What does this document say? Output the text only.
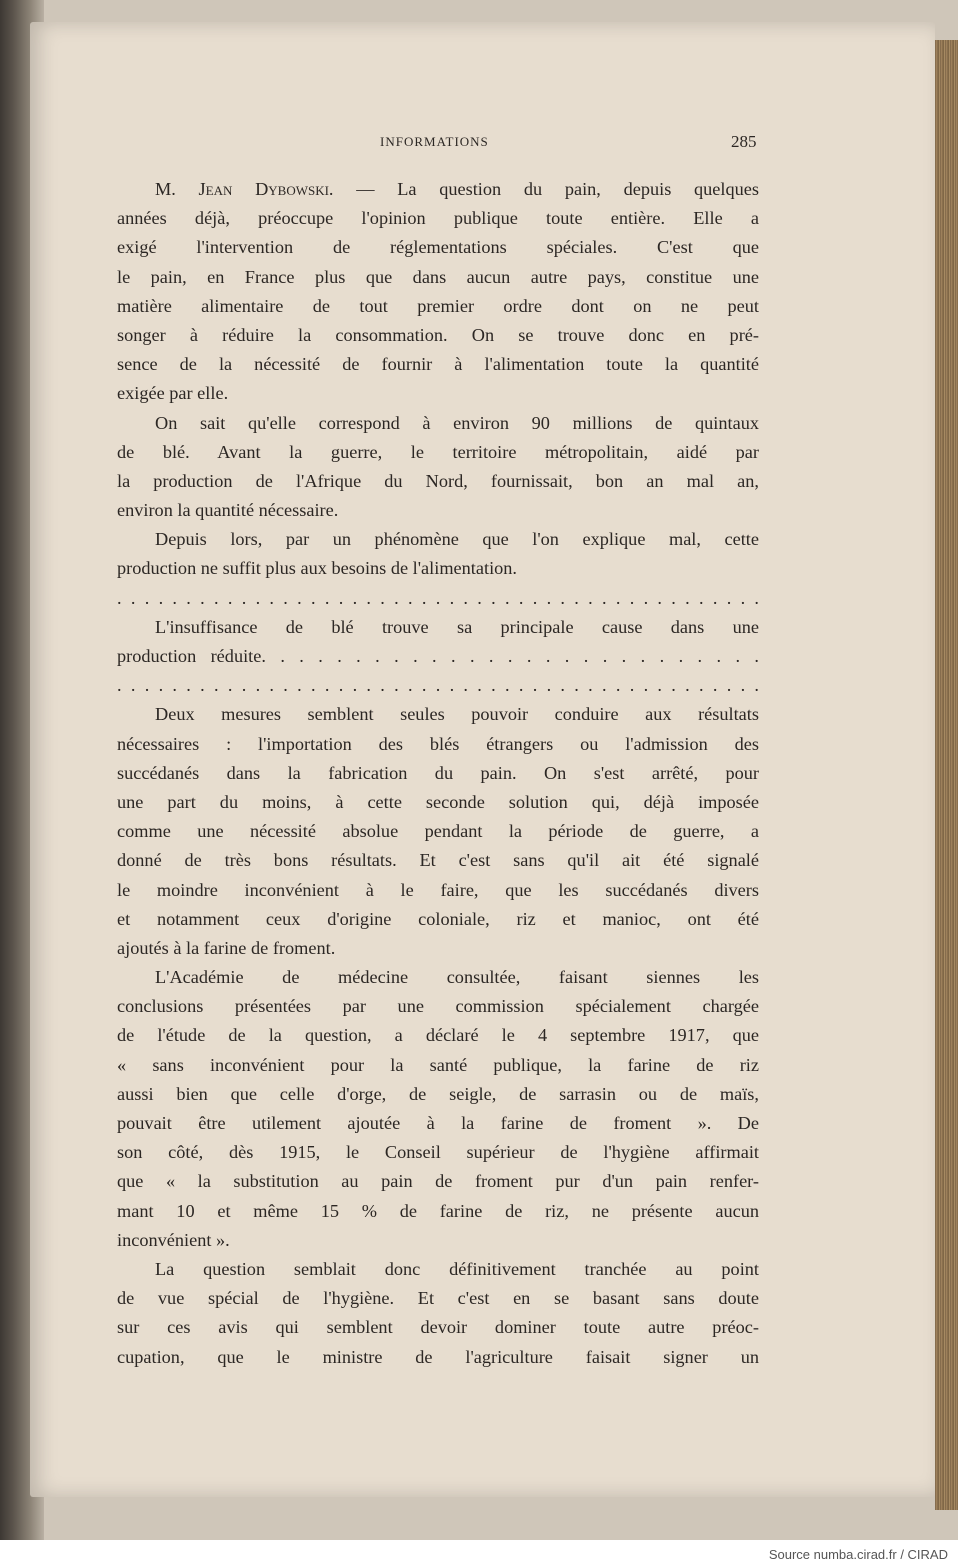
INFORMATIONS	285
M. Jean Dybowski. — La question du pain, depuis quelques
années déjà, préoccupe l'opinion publique toute entière. Elle a
exigé l'intervention de réglementations spéciales. C'est que
le pain, en France plus que dans aucun autre pays, constitue une
matière alimentaire de tout premier ordre dont on ne peut
songer à réduire la consommation. On se trouve donc en pré-
sence de la nécessité de fournir à l'alimentation toute la quantité
exigée par elle.
On sait qu'elle correspond à environ 90 millions de quintaux
de blé. Avant la guerre, le territoire métropolitain, aidé par
la production de l'Afrique du Nord, fournissait, bon an mal an,
environ la quantité nécessaire.
Depuis lors, par un phénomène que l'on explique mal, cette
production ne suffit plus aux besoins de l'alimentation.
. . . . . . . . . . . . . . . . . . . . . . . . . . . . . . . . . . . . . . . . . . . . . . .
L'insuffisance de blé trouve sa principale cause dans une
production réduite. . . . . . . . . . . . . . . . . . . . . . . . . . .
. . . . . . . . . . . . . . . . . . . . . . . . . . . . . . . . . . . . . . . . . . . . . . .
Deux mesures semblent seules pouvoir conduire aux résultats
nécessaires : l'importation des blés étrangers ou l'admission des
succédanés dans la fabrication du pain. On s'est arrêté, pour
une part du moins, à cette seconde solution qui, déjà imposée
comme une nécessité absolue pendant la période de guerre, a
donné de très bons résultats. Et c'est sans qu'il ait été signalé
le moindre inconvénient à le faire, que les succédanés divers
et notamment ceux d'origine coloniale, riz et manioc, ont été
ajoutés à la farine de froment.
L'Académie de médecine consultée, faisant siennes les
conclusions présentées par une commission spécialement chargée
de l'étude de la question, a déclaré le 4 septembre 1917, que
« sans inconvénient pour la santé publique, la farine de riz
aussi bien que celle d'orge, de seigle, de sarrasin ou de maïs,
pouvait être utilement ajoutée à la farine de froment ». De
son côté, dès 1915, le Conseil supérieur de l'hygiène affirmait
que « la substitution au pain de froment pur d'un pain renfer-
mant 10 et même 15 % de farine de riz, ne présente aucun
inconvénient ».
La question semblait donc définitivement tranchée au point
de vue spécial de l'hygiène. Et c'est en se basant sans doute
sur ces avis qui semblent devoir dominer toute autre préoc-
cupation, que le ministre de l'agriculture faisait signer un
Source numba.cirad.fr / CIRAD
